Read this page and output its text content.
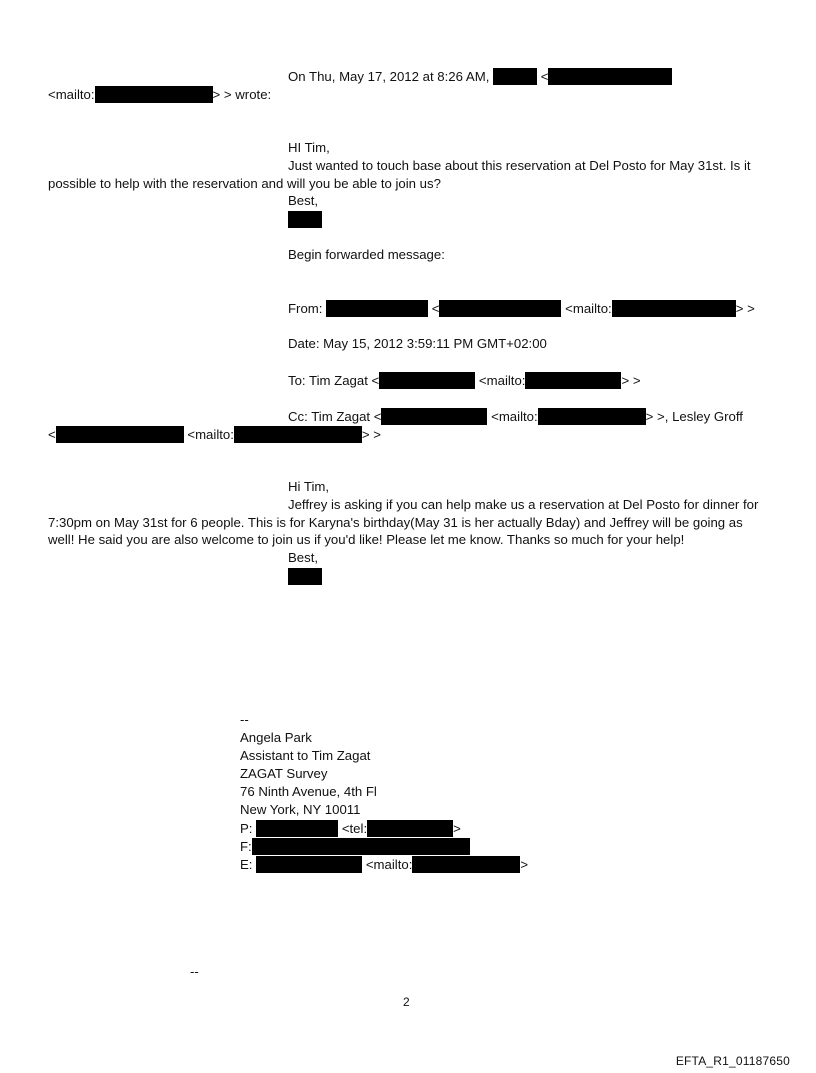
On Thu, May 17, 2012 at 8:26 AM,	<
<mailto:	> > wrote:
HI Tim,
Just wanted to touch base about this reservation at Del Posto for May 31st. Is it possible to help with the reservation and will you be able to join us?
Best,
Begin forwarded message:
From:	<	<mailto:	> >
Date: May 15, 2012 3:59:11 PM GMT+02:00
To: Tim Zagat <	<mailto:	> >
Cc: Tim Zagat <	<mailto:	> >, Lesley Groff
<	<mailto:	> >
Hi Tim,
Jeffrey is asking if you can help make us a reservation at Del Posto for dinner for 7:30pm on May 31st for 6 people. This is for Karyna's birthday(May 31 is her actually Bday) and Jeffrey will be going as well! He said you are also welcome to join us if you'd like! Please let me know. Thanks so much for your help!
Best,
--
Angela Park
Assistant to Tim Zagat
ZAGAT Survey
76 Ninth Avenue, 4th Fl
New York, NY 10011
P:	<tel:	>
F:
E:	<mailto:	>
--
2
EFTA_R1_01187650
